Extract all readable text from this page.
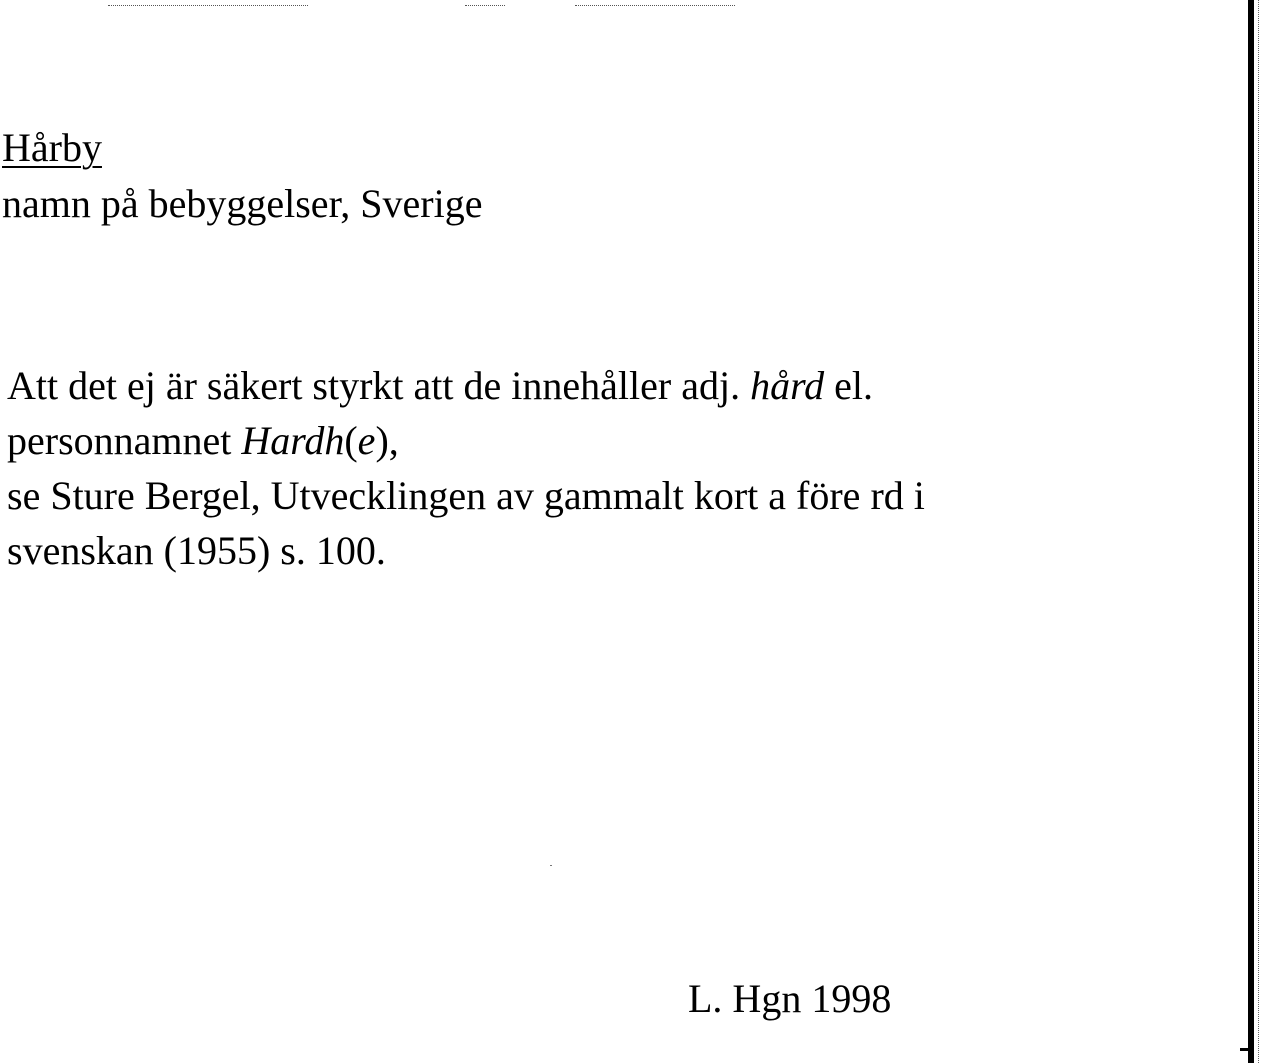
Hårby

namn på bebyggelser, Sverige

Att det ej är säkert styrkt att de innehåller adj. hård el.
personnamnet Hardh(e),
se Sture Bergel, Utvecklingen av gammalt kort a före rd i
svenskan (1955) s. 100.

L. Hgn 1998
